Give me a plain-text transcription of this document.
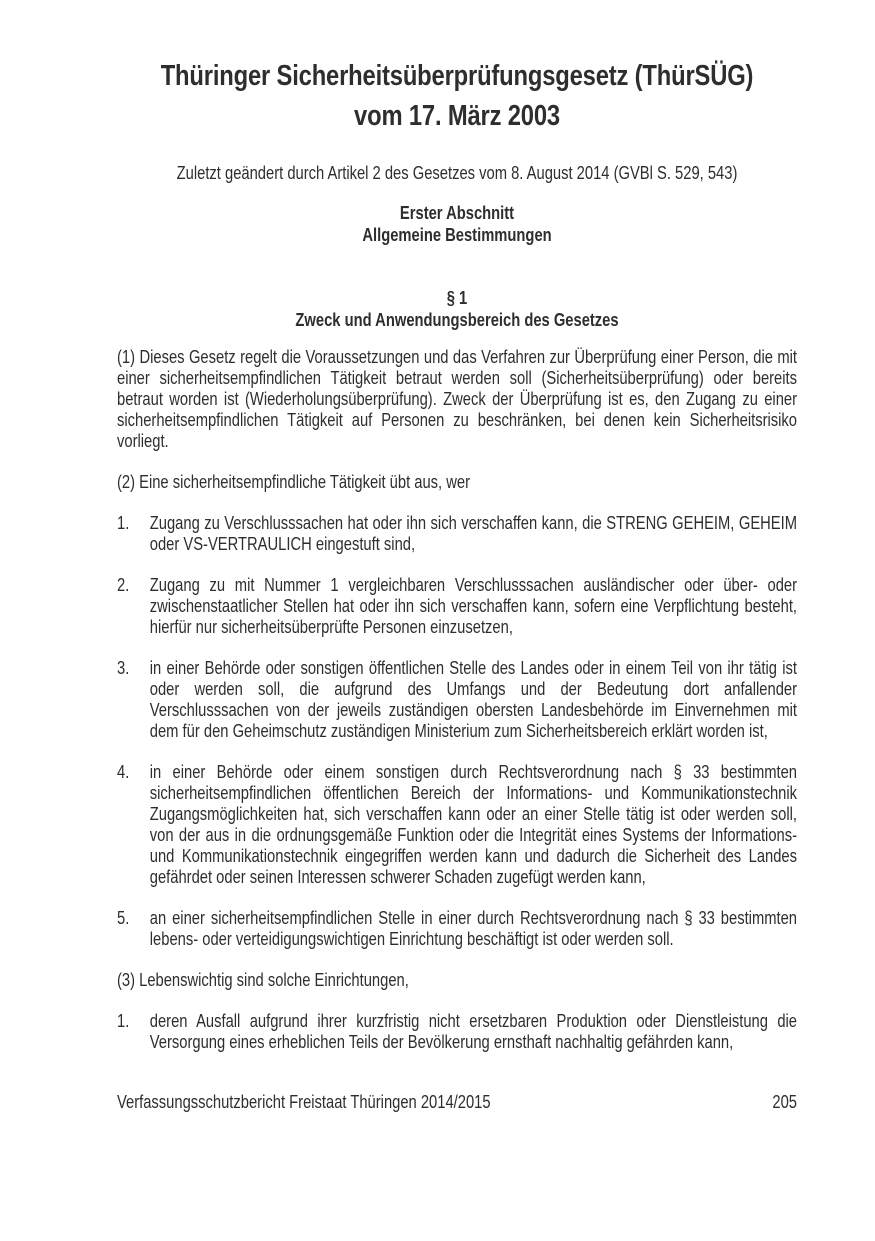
Thüringer Sicherheitsüberprüfungsgesetz (ThürSÜG)
vom 17. März 2003
Zuletzt geändert durch Artikel 2 des Gesetzes vom 8. August 2014 (GVBl S. 529, 543)
Erster Abschnitt
Allgemeine Bestimmungen
§ 1
Zweck und Anwendungsbereich des Gesetzes

(1) Dieses Gesetz regelt die Voraussetzungen und das Verfahren zur Überprüfung einer Person, die mit einer sicherheitsempfindlichen Tätigkeit betraut werden soll (Sicherheitsüberprüfung) oder bereits betraut worden ist (Wiederholungsüberprüfung). Zweck der Überprüfung ist es, den Zugang zu einer sicherheitsempfindlichen Tätigkeit auf Personen zu beschränken, bei denen kein Sicherheitsrisiko vorliegt.

(2) Eine sicherheitsempfindliche Tätigkeit übt aus, wer

1.	Zugang zu Verschlusssachen hat oder ihn sich verschaffen kann, die STRENG GEHEIM, GEHEIM oder VS-VERTRAULICH eingestuft sind,
2.	Zugang zu mit Nummer 1 vergleichbaren Verschlusssachen ausländischer oder über- oder zwischenstaatlicher Stellen hat oder ihn sich verschaffen kann, sofern eine Verpflichtung besteht, hierfür nur sicherheitsüberprüfte Personen einzusetzen,
3.	in einer Behörde oder sonstigen öffentlichen Stelle des Landes oder in einem Teil von ihr tätig ist oder werden soll, die aufgrund des Umfangs und der Bedeutung dort anfallender Verschlusssachen von der jeweils zuständigen obersten Landesbehörde im Einvernehmen mit dem für den Geheimschutz zuständigen Ministerium zum Sicherheitsbereich erklärt worden ist,
4.	in einer Behörde oder einem sonstigen durch Rechtsverordnung nach § 33 bestimmten sicherheitsempfindlichen öffentlichen Bereich der Informations- und Kommunikationstechnik Zugangsmöglichkeiten hat, sich verschaffen kann oder an einer Stelle tätig ist oder werden soll, von der aus in die ordnungsgemäße Funktion oder die Integrität eines Systems der Informations- und Kommunikationstechnik eingegriffen werden kann und dadurch die Sicherheit des Landes gefährdet oder seinen Interessen schwerer Schaden zugefügt werden kann,
5.	an einer sicherheitsempfindlichen Stelle in einer durch Rechtsverordnung nach § 33 bestimmten lebens- oder verteidigungswichtigen Einrichtung beschäftigt ist oder werden soll.

(3) Lebenswichtig sind solche Einrichtungen,

1.	deren Ausfall aufgrund ihrer kurzfristig nicht ersetzbaren Produktion oder Dienstleistung die Versorgung eines erheblichen Teils der Bevölkerung ernsthaft nachhaltig gefährden kann,
Verfassungsschutzbericht Freistaat Thüringen 2014/2015	205
